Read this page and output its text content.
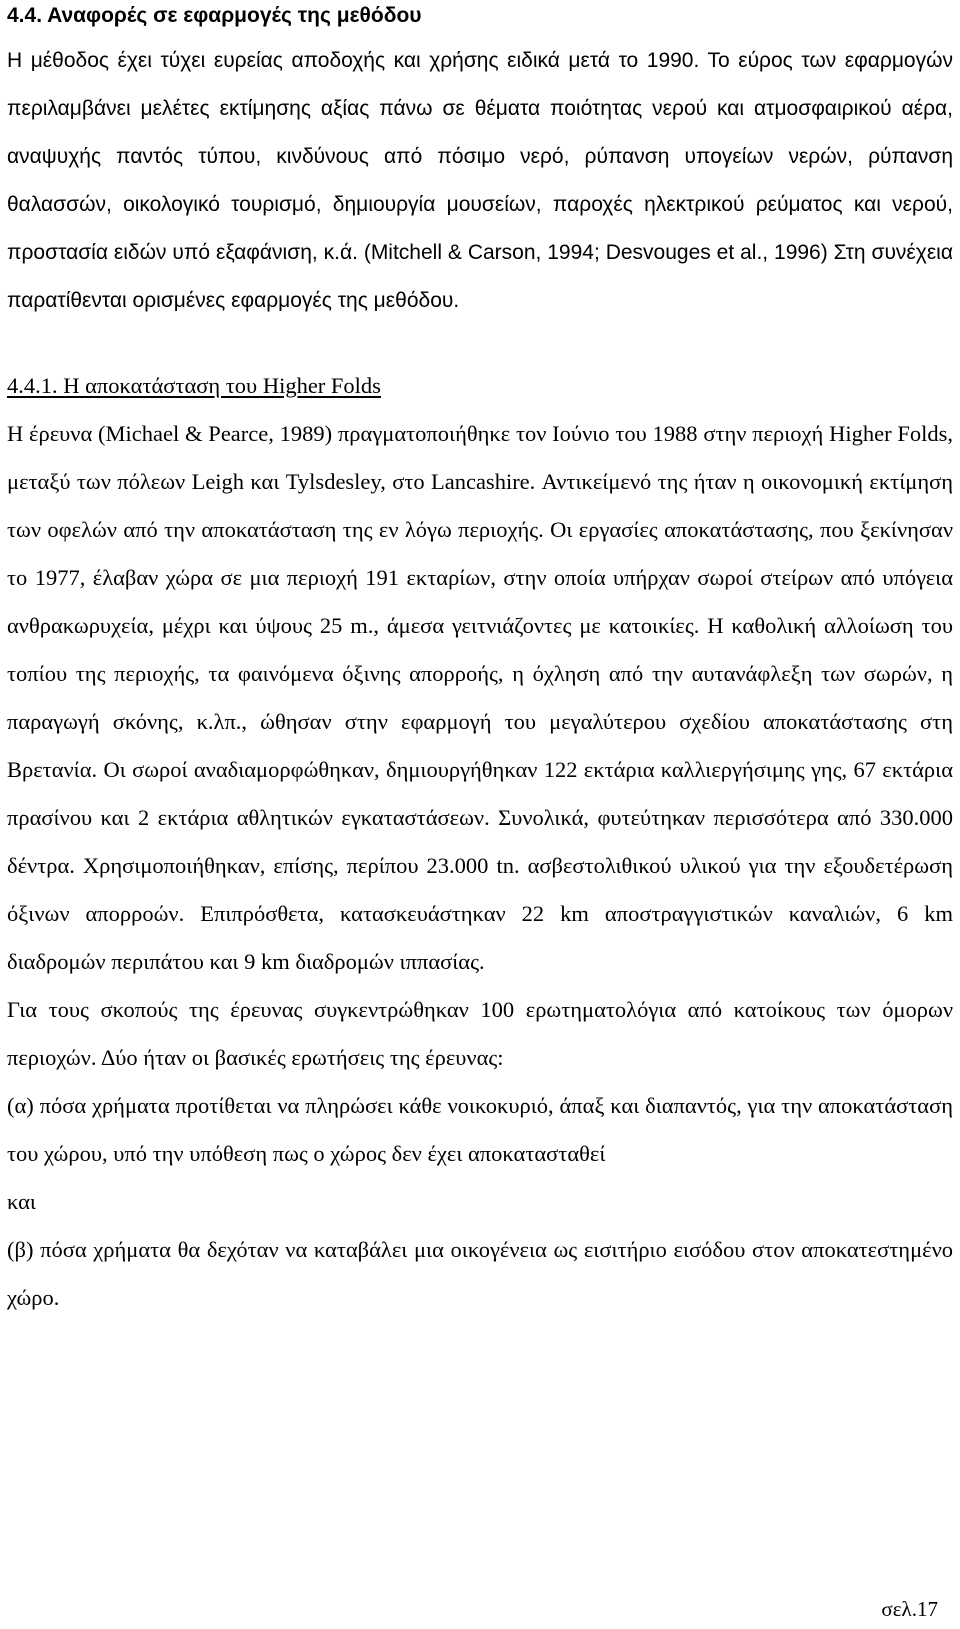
4.4. Αναφορές σε εφαρμογές της μεθόδου

Η μέθοδος έχει τύχει ευρείας αποδοχής και χρήσης ειδικά μετά το 1990. Το εύρος των εφαρμογών περιλαμβάνει μελέτες εκτίμησης αξίας πάνω σε θέματα ποιότητας νερού και ατμοσφαιρικού αέρα, αναψυχής παντός τύπου, κινδύνους από πόσιμο νερό, ρύπανση υπογείων νερών, ρύπανση θαλασσών, οικολογικό τουρισμό, δημιουργία μουσείων, παροχές ηλεκτρικού ρεύματος και νερού, προστασία ειδών υπό εξαφάνιση, κ.ά. (Mitchell & Carson, 1994; Desvouges et al., 1996) Στη συνέχεια παρατίθενται ορισμένες εφαρμογές της μεθόδου.

4.4.1. Η αποκατάσταση του Higher Folds

Η έρευνα (Michael & Pearce, 1989) πραγματοποιήθηκε τον Ιούνιο του 1988 στην περιοχή Higher Folds, μεταξύ των πόλεων Leigh και Tylsdesley, στο Lancashire. Αντικείμενό της ήταν η οικονομική εκτίμηση των οφελών από την αποκατάσταση της εν λόγω περιοχής. Οι εργασίες αποκατάστασης, που ξεκίνησαν το 1977, έλαβαν χώρα σε μια περιοχή 191 εκταρίων, στην οποία υπήρχαν σωροί στείρων από υπόγεια ανθρακωρυχεία, μέχρι και ύψους 25 m., άμεσα γειτνιάζοντες με κατοικίες. Η καθολική αλλοίωση του τοπίου της περιοχής, τα φαινόμενα όξινης απορροής, η όχληση από την αυτανάφλεξη των σωρών, η παραγωγή σκόνης, κ.λπ., ώθησαν στην εφαρμογή του μεγαλύτερου σχεδίου αποκατάστασης στη Βρετανία. Οι σωροί αναδιαμορφώθηκαν, δημιουργήθηκαν 122 εκτάρια καλλιεργήσιμης γης, 67 εκτάρια πρασίνου και 2 εκτάρια αθλητικών εγκαταστάσεων. Συνολικά, φυτεύτηκαν περισσότερα από 330.000 δέντρα. Χρησιμοποιήθηκαν, επίσης, περίπου 23.000 tn. ασβεστολιθικού υλικού για την εξουδετέρωση όξινων απορροών. Επιπρόσθετα, κατασκευάστηκαν 22 km αποστραγγιστικών καναλιών, 6 km διαδρομών περιπάτου και 9 km διαδρομών ιππασίας.

Για τους σκοπούς της έρευνας συγκεντρώθηκαν 100 ερωτηματολόγια από κατοίκους των όμορων περιοχών. Δύο ήταν οι βασικές ερωτήσεις της έρευνας:

(α) πόσα χρήματα προτίθεται να πληρώσει κάθε νοικοκυριό, άπαξ και διαπαντός, για την αποκατάσταση του χώρου, υπό την υπόθεση πως ο χώρος δεν έχει αποκατασταθεί

και

(β) πόσα χρήματα θα δεχόταν να καταβάλει μια οικογένεια ως εισιτήριο εισόδου στον αποκατεστημένο χώρο.

σελ.17
